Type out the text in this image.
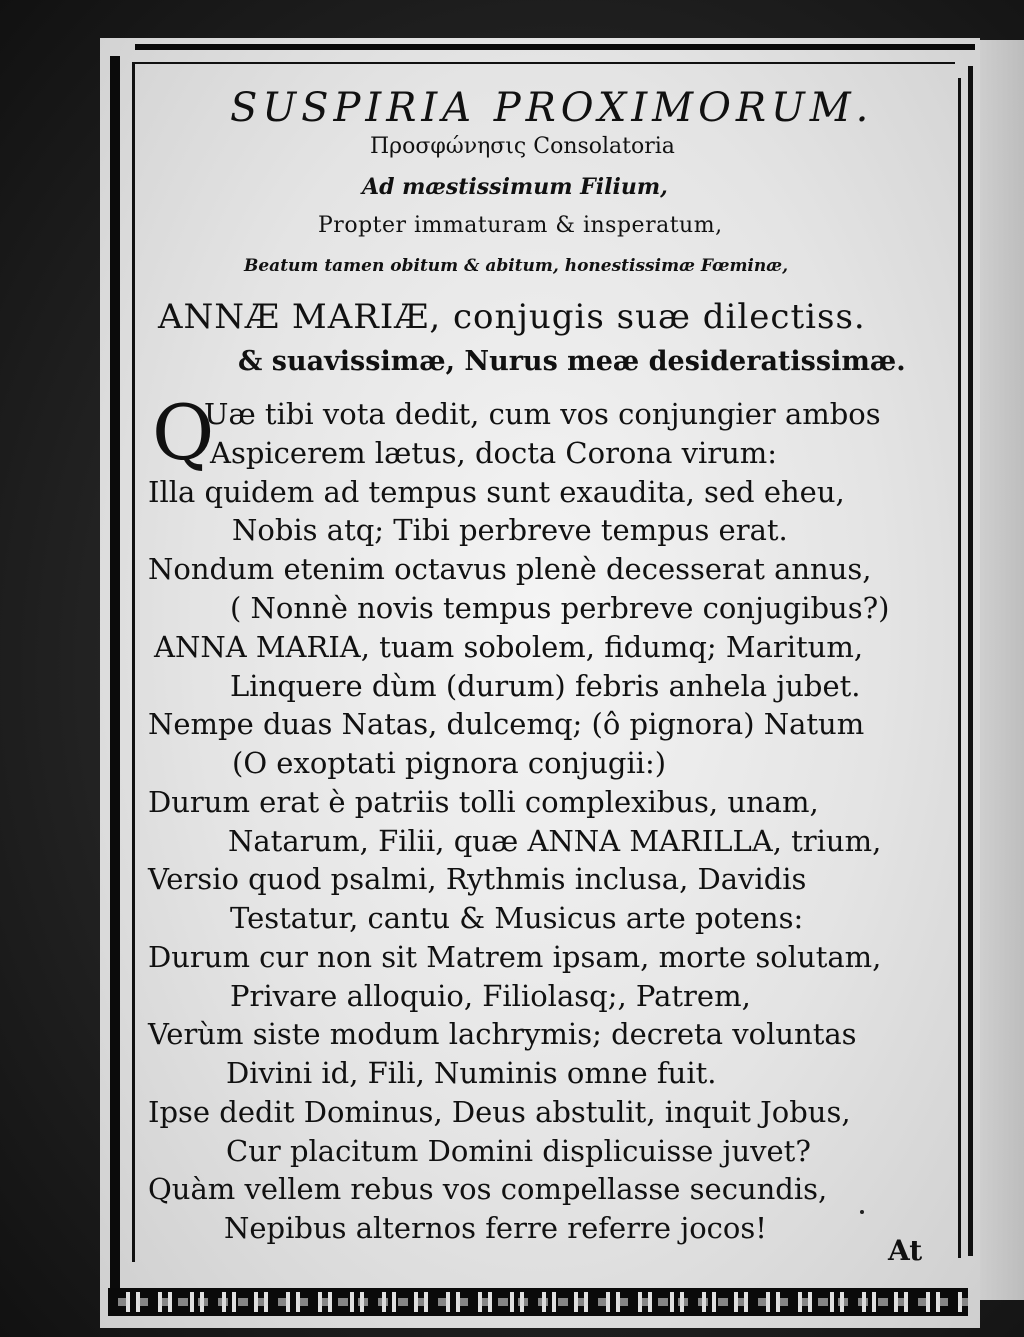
SUSPIRIA PROXIMORUM.
Προσφώνησις Consolatoria
Ad mæstissimum Filium,
Propter immaturam & insperatum,
Beatum tamen obitum & abitum, honestissimæ Fœminæ,
ANNÆ MARIÆ, conjugis suæ dilectiss.
& suavissimæ, Nurus meæ desideratissimæ.
Q
Uæ tibi vota dedit, cum vos conjungier ambos
Aspicerem lætus, docta Corona virum:
Illa quidem ad tempus sunt exaudita, sed eheu,
Nobis atq; Tibi perbreve tempus erat.
Nondum etenim octavus plenè decesserat annus,
( Nonnè novis tempus perbreve conjugibus?)
ANNA MARIA, tuam sobolem, fidumq; Maritum,
Linquere dùm (durum) febris anhela jubet.
Nempe duas Natas, dulcemq; (ô pignora) Natum
(O exoptati pignora conjugii:)
Durum erat è patriis tolli complexibus, unam,
Natarum, Filii, quæ ANNA MARILLA, trium,
Versio quod psalmi, Rythmis inclusa, Davidis
Testatur, cantu & Musicus arte potens:
Durum cur non sit Matrem ipsam, morte solutam,
Privare alloquio, Filiolasq;, Patrem,
Verùm siste modum lachrymis; decreta voluntas
Divini id, Fili, Numinis omne fuit.
Ipse dedit Dominus, Deus abstulit, inquit Jobus,
Cur placitum Domini displicuisse juvet?
Quàm vellem rebus vos compellasse secundis,
Nepibus alternos ferre referre jocos!
At
